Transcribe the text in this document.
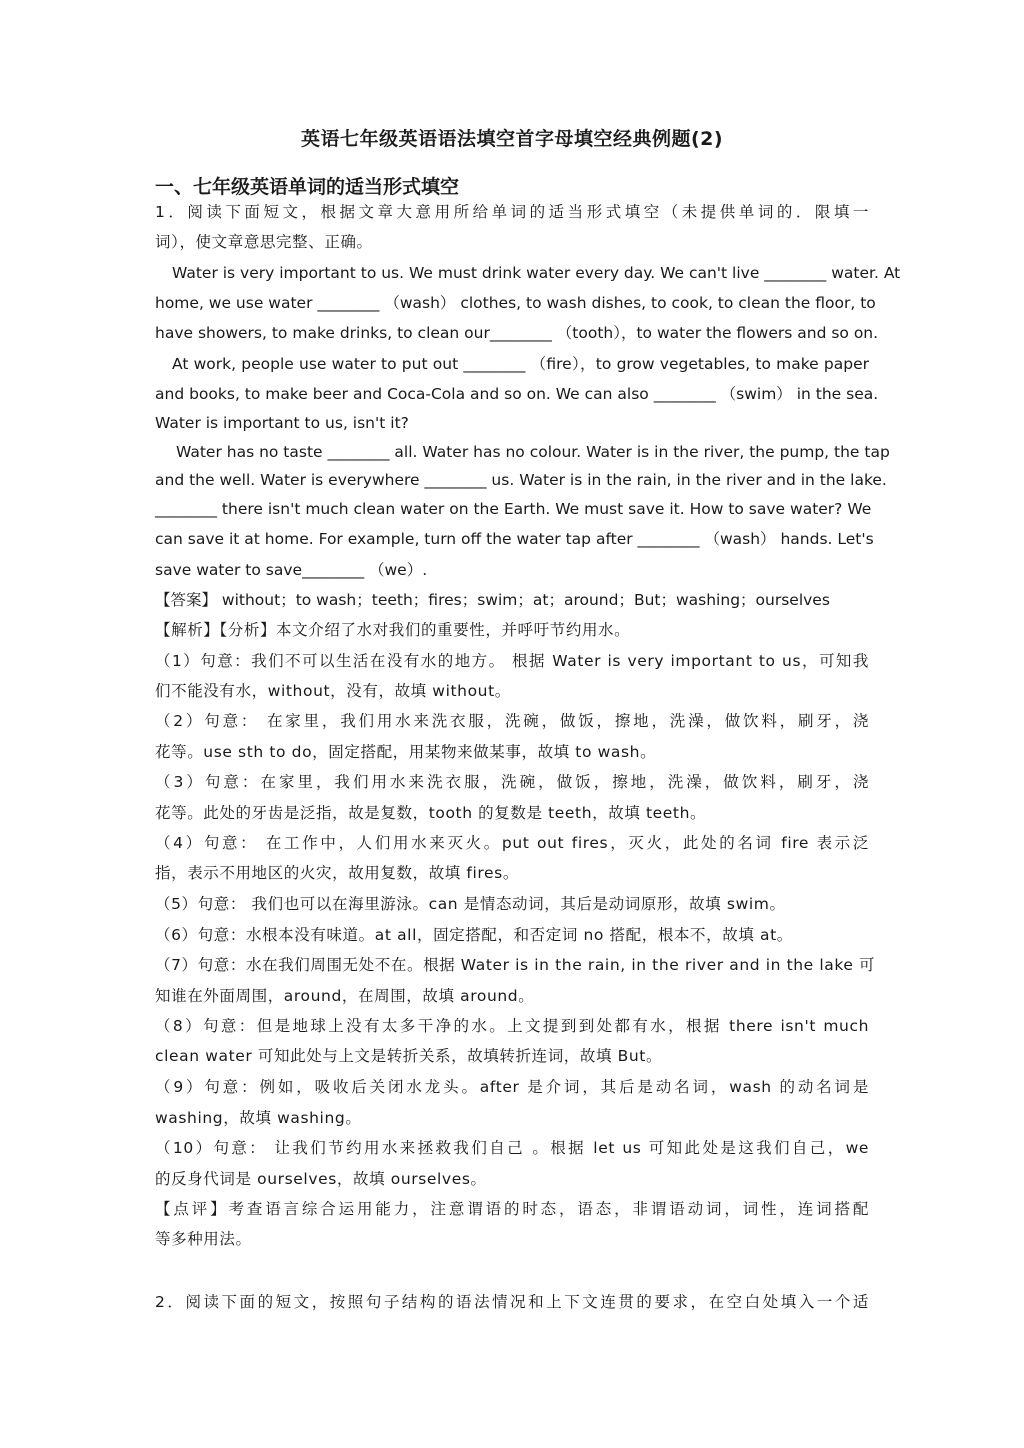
英语七年级英语语法填空首字母填空经典例题(2)
一、七年级英语单词的适当形式填空
1．阅读下面短文，根据文章大意用所给单词的适当形式填空（未提供单词的．限填一
词），使文章意思完整、正确。
Water is very important to us. We must drink water every day. We can't live ________ water. At
home, we use water ________ （wash） clothes, to wash dishes, to cook, to clean the floor, to
have showers, to make drinks, to clean our________ （tooth），to water the flowers and so on.
At work, people use water to put out ________ （fire），to grow vegetables, to make paper
and books, to make beer and Coca-Cola and so on. We can also ________ （swim） in the sea.
Water is important to us, isn't it?
Water has no taste ________ all. Water has no colour. Water is in the river, the pump, the tap
and the well. Water is everywhere ________ us. Water is in the rain, in the river and in the lake.
________ there isn't much clean water on the Earth. We must save it. How to save water? We
can save it at home. For example, turn off the water tap after ________ （wash） hands. Let's
save water to save________ （we）.
【答案】 without；to wash；teeth；fires；swim；at；around；But；washing；ourselves
【解析】【分析】本文介绍了水对我们的重要性，并呼吁节约用水。
（1）句意：我们不可以生活在没有水的地方。 根据 Water is very important to us，可知我
们不能没有水，without，没有，故填 without。
（2）句意： 在家里，我们用水来洗衣服，洗碗，做饭，擦地，洗澡，做饮料，刷牙，浇
花等。use sth to do，固定搭配，用某物来做某事，故填 to wash。
（3）句意：在家里，我们用水来洗衣服，洗碗，做饭，擦地，洗澡，做饮料，刷牙，浇
花等。此处的牙齿是泛指，故是复数，tooth 的复数是 teeth，故填 teeth。
（4）句意： 在工作中，人们用水来灭火。put out fires，灭火，此处的名词 fire 表示泛
指，表示不用地区的火灾，故用复数，故填 fires。
（5）句意： 我们也可以在海里游泳。can 是情态动词，其后是动词原形，故填 swim。
（6）句意：水根本没有味道。at all，固定搭配，和否定词 no 搭配，根本不，故填 at。
（7）句意：水在我们周围无处不在。根据 Water is in the rain, in the river and in the lake 可
知谁在外面周围，around，在周围，故填 around。
（8）句意：但是地球上没有太多干净的水。上文提到到处都有水，根据 there isn't much
clean water 可知此处与上文是转折关系，故填转折连词，故填 But。
（9）句意：例如，吸收后关闭水龙头。after 是介词，其后是动名词，wash 的动名词是
washing，故填 washing。
（10）句意： 让我们节约用水来拯救我们自己 。根据 let us 可知此处是这我们自己，we
的反身代词是 ourselves，故填 ourselves。
【点评】考查语言综合运用能力，注意谓语的时态，语态，非谓语动词，词性，连词搭配
等多种用法。
2．阅读下面的短文，按照句子结构的语法情况和上下文连贯的要求，在空白处填入一个适
